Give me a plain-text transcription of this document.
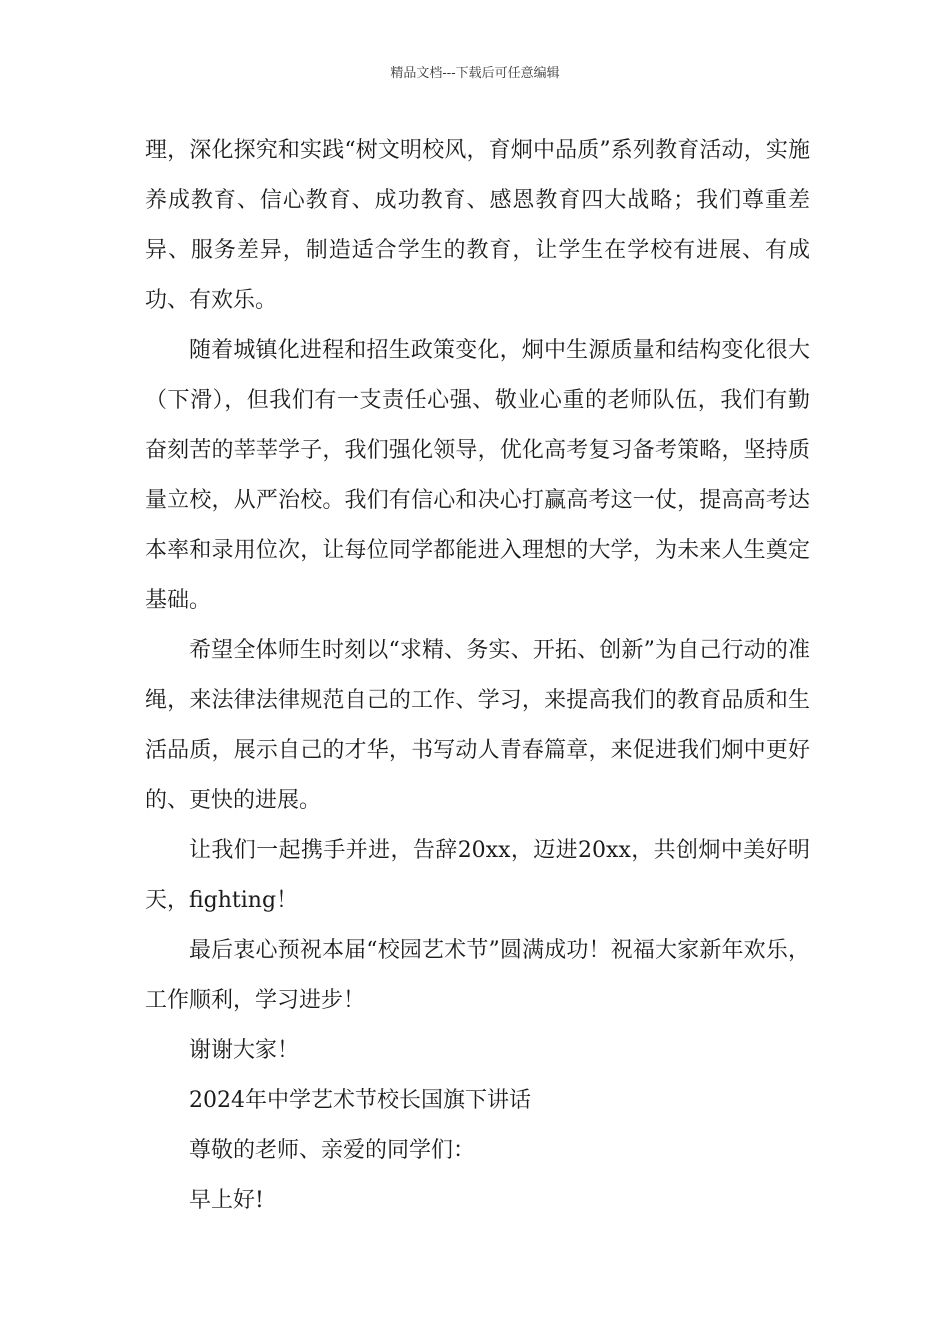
精品文档---下载后可任意编辑

理，深化探究和实践“树文明校风，育炯中品质”系列教育活动，实施养成教育、信心教育、成功教育、感恩教育四大战略；我们尊重差异、服务差异，制造适合学生的教育，让学生在学校有进展、有成功、有欢乐。

随着城镇化进程和招生政策变化，炯中生源质量和结构变化很大（下滑），但我们有一支责任心强、敬业心重的老师队伍，我们有勤奋刻苦的莘莘学子，我们强化领导，优化高考复习备考策略，坚持质量立校，从严治校。我们有信心和决心打赢高考这一仗，提高高考达本率和录用位次，让每位同学都能进入理想的大学，为未来人生奠定基础。

希望全体师生时刻以“求精、务实、开拓、创新”为自己行动的准绳，来法律法律规范自己的工作、学习，来提高我们的教育品质和生活品质，展示自己的才华，书写动人青春篇章，来促进我们炯中更好的、更快的进展。

让我们一起携手并进，告辞20xx，迈进20xx，共创炯中美好明天，fighting！

最后衷心预祝本届“校园艺术节”圆满成功！祝福大家新年欢乐，工作顺利，学习进步！

谢谢大家！

2024年中学艺术节校长国旗下讲话

尊敬的老师、亲爱的同学们：

早上好!
